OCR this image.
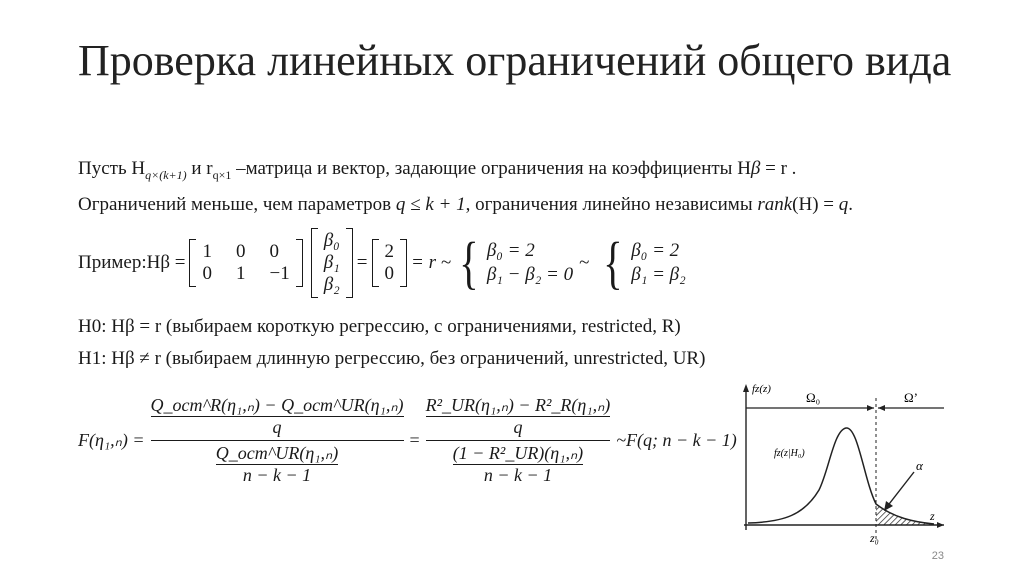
Проверка линейных ограничений общего вида
Пусть $H_{q\times(k+1)}$ и $r_{q\times 1}$ –матрица и вектор, задающие ограничения на коэффициенты Hβ = r .
Ограничений меньше, чем параметров q ≤ k + 1, ограничения линейно независимы rank(H) = q.
Пример:Hβ =
1 0 0
0 1 −1
β₀
β₁
β₂
=
2
0
= r ~ { β₀ = 2
β₁ − β₂ = 0
~ { β₀ = 2
β₁ = β₂
H0: Hβ = r (выбираем короткую регрессию, с ограничениями, restricted, R)
H1: Hβ ≠ r (выбираем длинную регрессию, без ограничений, unrestricted, UR)
F(η₁,ₙ) = Q_ост^R(η₁,ₙ) − Q_ост^UR(η₁,ₙ)
q
Q_ост^UR(η₁,ₙ)
n − k − 1 = R²_UR(η₁,ₙ) − R²_R(η₁,ₙ)
q
(1 − R²_UR)(η₁,ₙ)
n − k − 1 ~F(q; n − k − 1)
fz(z)
Ω₀	Ω’
fz(z|H₀)
α
z
z₀
23
